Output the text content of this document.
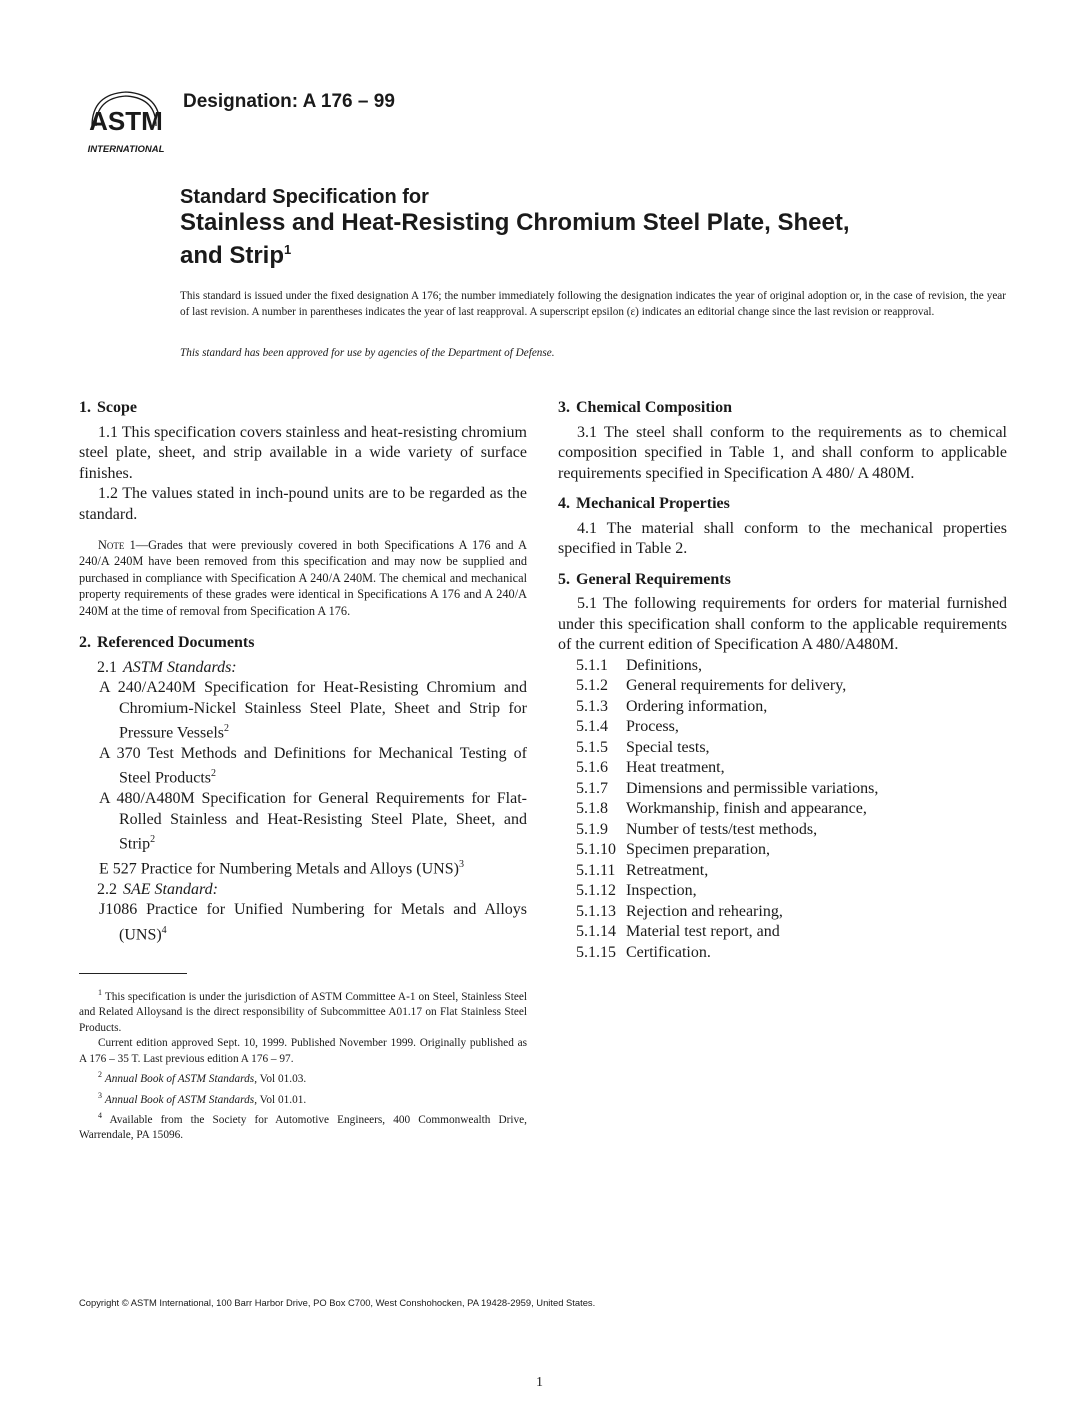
ASTM
INTERNATIONAL
Designation: A 176 – 99
Standard Specification for
Stainless and Heat-Resisting Chromium Steel Plate, Sheet,
and Strip$^1$
This standard is issued under the fixed designation A 176; the number immediately following the designation indicates the year of original adoption or, in the case of revision, the year of last revision. A number in parentheses indicates the year of last reapproval. A superscript epsilon (ε) indicates an editorial change since the last revision or reapproval.
This standard has been approved for use by agencies of the Department of Defense.
1. Scope

1.1 This specification covers stainless and heat-resisting chromium steel plate, sheet, and strip available in a wide variety of surface finishes.

1.2 The values stated in inch-pound units are to be regarded as the standard.

Note 1—Grades that were previously covered in both Specifications A 176 and A 240/A 240M have been removed from this specification and may now be supplied and purchased in compliance with Specification A 240/A 240M. The chemical and mechanical property requirements of these grades were identical in Specifications A 176 and A 240/A 240M at the time of removal from Specification A 176.

2. Referenced Documents
2.1 ASTM Standards:
A 240/A240M Specification for Heat-Resisting Chromium and Chromium-Nickel Stainless Steel Plate, Sheet and Strip for Pressure Vessels$^2$
A 370 Test Methods and Definitions for Mechanical Testing of Steel Products$^2$
A 480/A480M Specification for General Requirements for Flat-Rolled Stainless and Heat-Resisting Steel Plate, Sheet, and Strip$^2$
E 527 Practice for Numbering Metals and Alloys (UNS)$^3$
2.2 SAE Standard:
J1086 Practice for Unified Numbering for Metals and Alloys (UNS)$^4$
3. Chemical Composition

3.1 The steel shall conform to the requirements as to chemical composition specified in Table 1, and shall conform to applicable requirements specified in Specification A 480/ A 480M.

4. Mechanical Properties

4.1 The material shall conform to the mechanical properties specified in Table 2.

5. General Requirements

5.1 The following requirements for orders for material furnished under this specification shall conform to the applicable requirements of the current edition of Specification A 480/A480M.

5.1.1 Definitions,
5.1.2 General requirements for delivery,
5.1.3 Ordering information,
5.1.4 Process,
5.1.5 Special tests,
5.1.6 Heat treatment,
5.1.7 Dimensions and permissible variations,
5.1.8 Workmanship, finish and appearance,
5.1.9 Number of tests/test methods,
5.1.10 Specimen preparation,
5.1.11 Retreatment,
5.1.12 Inspection,
5.1.13 Rejection and rehearing,
5.1.14 Material test report, and
5.1.15 Certification.

$^1$ This specification is under the jurisdiction of ASTM Committee A-1 on Steel, Stainless Steel and Related Alloysand is the direct responsibility of Subcommittee A01.17 on Flat Stainless Steel Products.

Current edition approved Sept. 10, 1999. Published November 1999. Originally published as A 176 – 35 T. Last previous edition A 176 – 97.

$^2$ Annual Book of ASTM Standards, Vol 01.03.

$^3$ Annual Book of ASTM Standards, Vol 01.01.

$^4$ Available from the Society for Automotive Engineers, 400 Commonwealth Drive, Warrendale, PA 15096.

Copyright © ASTM International, 100 Barr Harbor Drive, PO Box C700, West Conshohocken, PA 19428-2959, United States.
1
